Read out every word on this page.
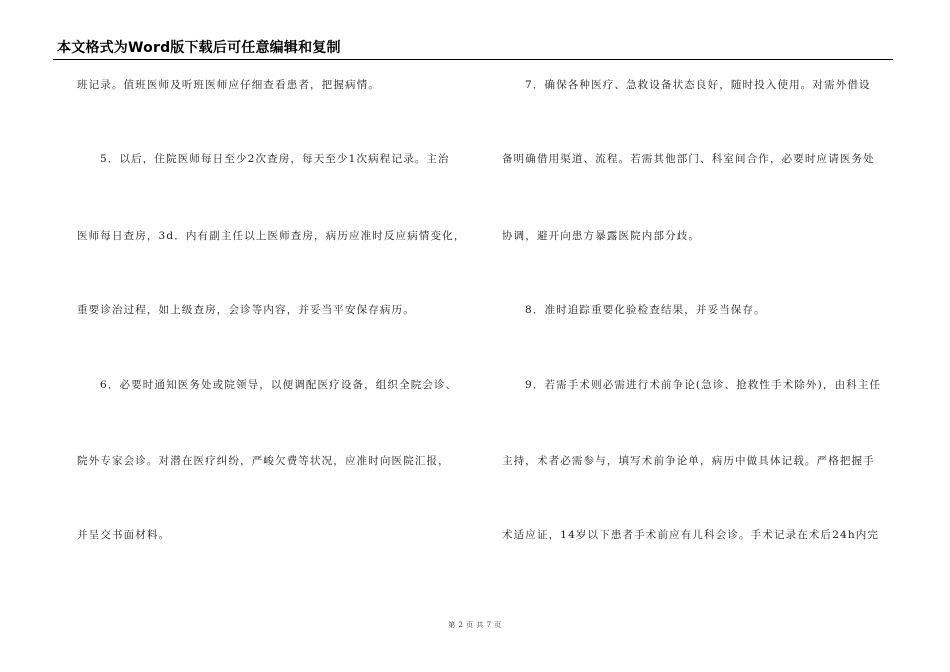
本文格式为Word版下载后可任意编辑和复制
班记录。值班医师及听班医师应仔细查看患者，把握病情。
5．以后，住院医师每日至少2次查房，每天至少1次病程记录。主治
医师每日查房，3d．内有副主任以上医师查房，病历应准时反应病情变化，
重要诊治过程，如上级查房，会诊等内容，并妥当平安保存病历。
6．必要时通知医务处或院领导，以便调配医疗设备，组织全院会诊、
院外专家会诊。对潜在医疗纠纷，严峻欠费等状况，应准时向医院汇报，
并呈交书面材料。
7．确保各种医疗、急救设备状态良好，随时投入使用。对需外借设
备明确借用渠道、流程。若需其他部门、科室间合作，必要时应请医务处
协调，避开向患方暴露医院内部分歧。
8．准时追踪重要化验检查结果，并妥当保存。
9．若需手术则必需进行术前争论(急诊、抢救性手术除外)，由科主任
主持，术者必需参与，填写术前争论单，病历中做具体记载。严格把握手
术适应证，14岁以下患者手术前应有儿科会诊。手术记录在术后24h内完
第 2 页 共 7 页
